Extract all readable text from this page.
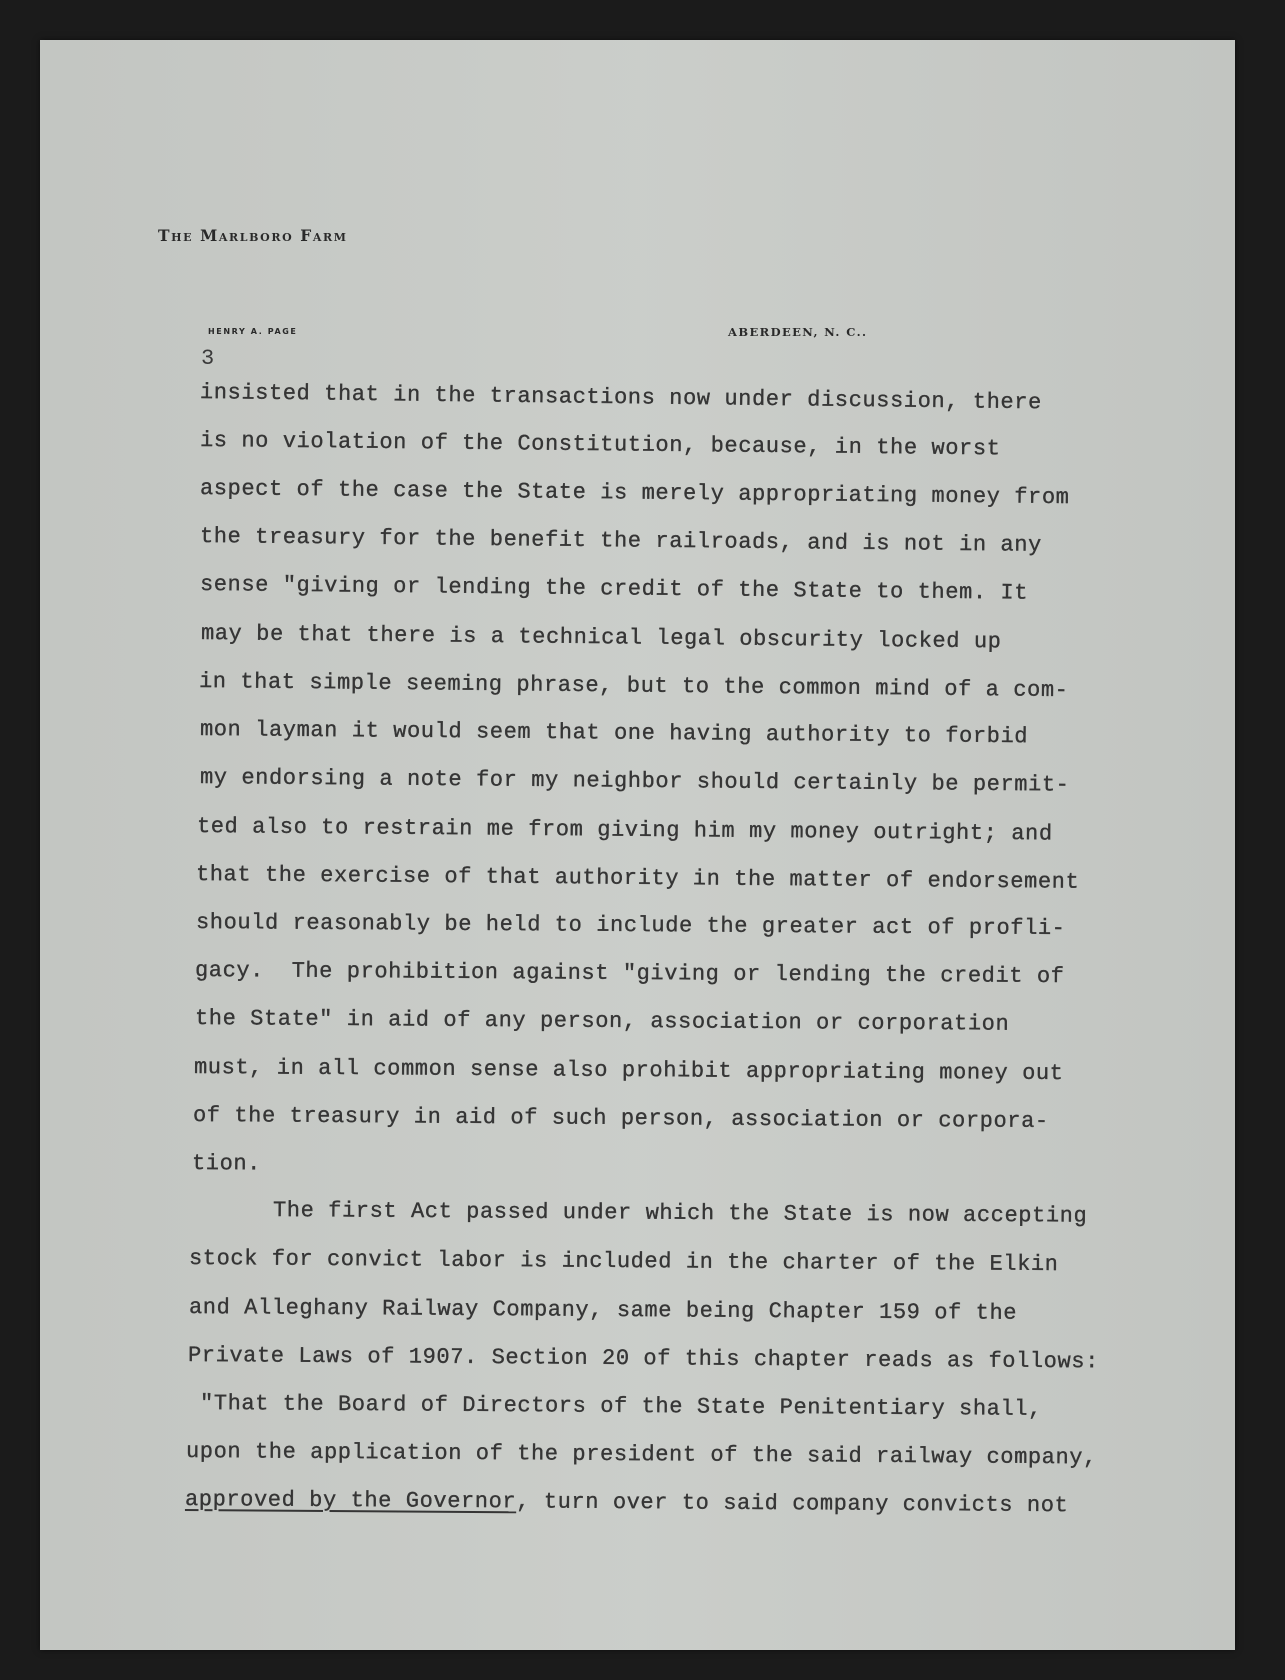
The Marlboro Farm
HENRY A. PAGE	ABERDEEN, N. C..
3
insisted that in the transactions now under discussion, there
is no violation of the Constitution, because, in the worst
aspect of the case the State is merely appropriating money from
the treasury for the benefit the railroads, and is not in any
sense "giving or lending the credit of the State to them. It
may be that there is a technical legal obscurity locked up
in that simple seeming phrase, but to the common mind of a com-
mon layman it would seem that one having authority to forbid
my endorsing a note for my neighbor should certainly be permit-
ted also to restrain me from giving him my money outright; and
that the exercise of that authority in the matter of endorsement
should reasonably be held to include the greater act of profli-
gacy.  The prohibition against "giving or lending the credit of
the State" in aid of any person, association or corporation
must, in all common sense also prohibit appropriating money out
of the treasury in aid of such person, association or corpora-
tion.
The first Act passed under which the State is now accepting
stock for convict labor is included in the charter of the Elkin
and Alleghany Railway Company, same being Chapter 159 of the
Private Laws of 1907. Section 20 of this chapter reads as follows:
"That the Board of Directors of the State Penitentiary shall,
upon the application of the president of the said railway company,
approved by the Governor, turn over to said company convicts not
